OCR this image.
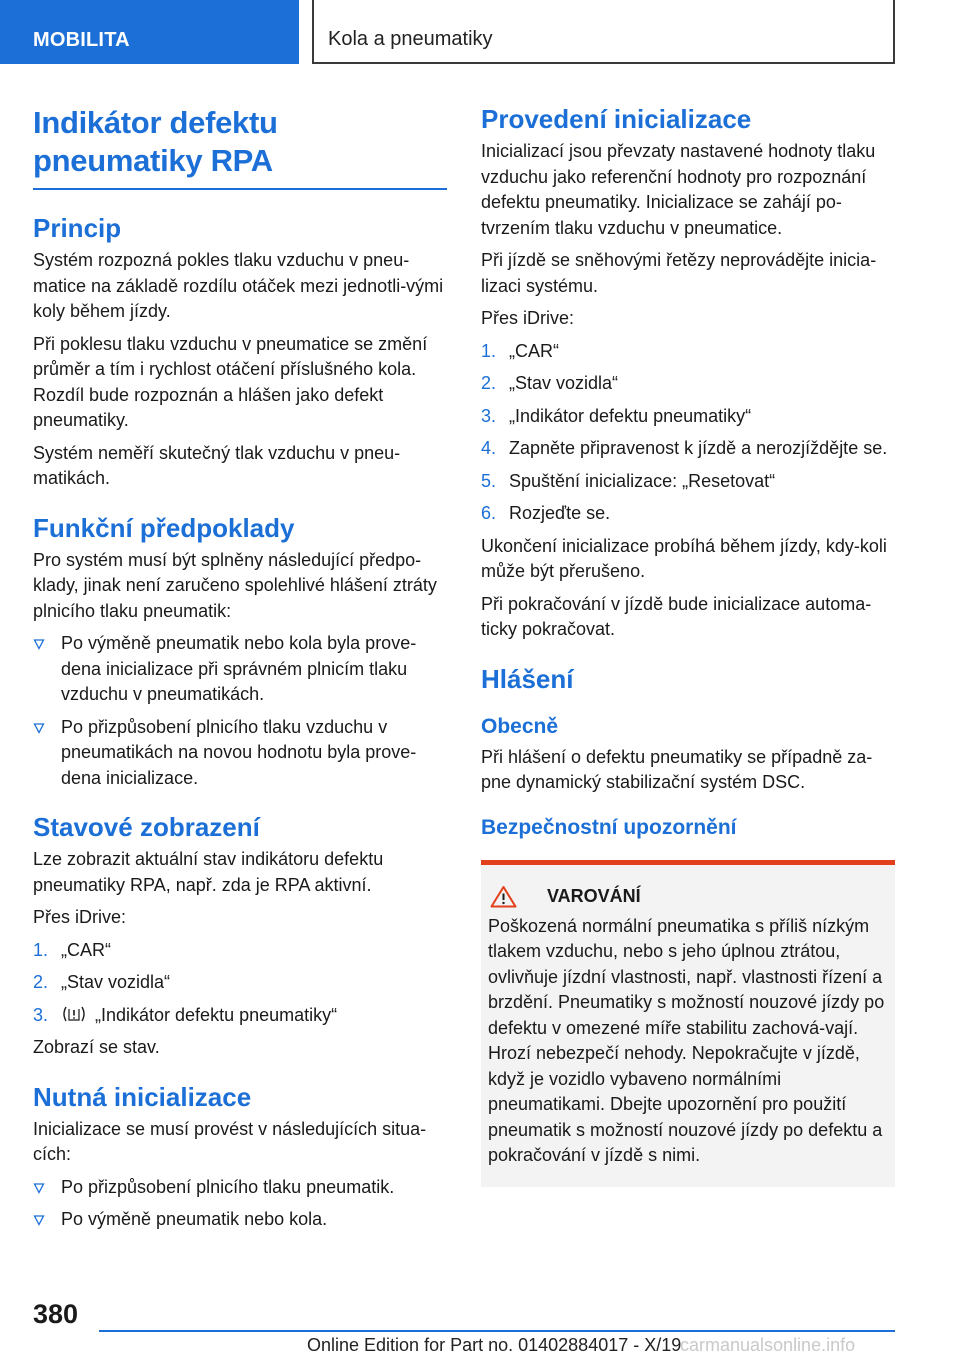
MOBILITA	Kola a pneumatiky
Indikátor defektu
pneumatiky RPA
Princip

Systém rozpozná pokles tlaku vzduchu v pneu-matice na základě rozdílu otáček mezi jednotli-vými koly během jízdy.

Při poklesu tlaku vzduchu v pneumatice se změní průměr a tím i rychlost otáčení příslušného kola. Rozdíl bude rozpoznán a hlášen jako defekt pneumatiky.

Systém neměří skutečný tlak vzduchu v pneu-matikách.

Funkční předpoklady

Pro systém musí být splněny následující předpo-klady, jinak není zaručeno spolehlivé hlášení ztráty plnicího tlaku pneumatik:

Po výměně pneumatik nebo kola byla prove-dena inicializace při správném plnicím tlaku vzduchu v pneumatikách.
Po přizpůsobení plnicího tlaku vzduchu v pneumatikách na novou hodnotu byla prove-dena inicializace.
Stavové zobrazení

Lze zobrazit aktuální stav indikátoru defektu pneumatiky RPA, např. zda je RPA aktivní.

Přes iDrive:

1. „CAR“
2. „Stav vozidla“
3.	„Indikátor defektu pneumatiky“

Zobrazí se stav.

Nutná inicializace

Inicializace se musí provést v následujících situa-cích:

Po přizpůsobení plnicího tlaku pneumatik.
Po výměně pneumatik nebo kola.
Provedení inicializace

Inicializací jsou převzaty nastavené hodnoty tlaku vzduchu jako referenční hodnoty pro rozpoznání defektu pneumatiky. Inicializace se zahájí po-tvrzením tlaku vzduchu v pneumatice.

Při jízdě se sněhovými řetězy neprovádějte inicia-lizaci systému.

Přes iDrive:

1. „CAR“
2. „Stav vozidla“
3. „Indikátor defektu pneumatiky“
4. Zapněte připravenost k jízdě a nerozjíždějte se.
5. Spuštění inicializace: „Resetovat“
6. Rozjeďte se.

Ukončení inicializace probíhá během jízdy, kdy-koli může být přerušeno.

Při pokračování v jízdě bude inicializace automa-ticky pokračovat.

Hlášení
Obecně

Při hlášení o defektu pneumatiky se případně za-pne dynamický stabilizační systém DSC.

Bezpečnostní upozornění
VAROVÁNÍ

Poškozená normální pneumatika s příliš nízkým tlakem vzduchu, nebo s jeho úplnou ztrátou, ovlivňuje jízdní vlastnosti, např. vlastnosti řízení a brzdění. Pneumatiky s možností nouzové jízdy po defektu v omezené míře stabilitu zachová-vají. Hrozí nebezpečí nehody. Nepokračujte v jízdě, když je vozidlo vybaveno normálními pneumatikami. Dbejte upozornění pro použití pneumatik s možností nouzové jízdy po defektu a pokračování v jízdě s nimi.

380
Online Edition for Part no. 01402884017 - X/19
carmanualsonline.info
